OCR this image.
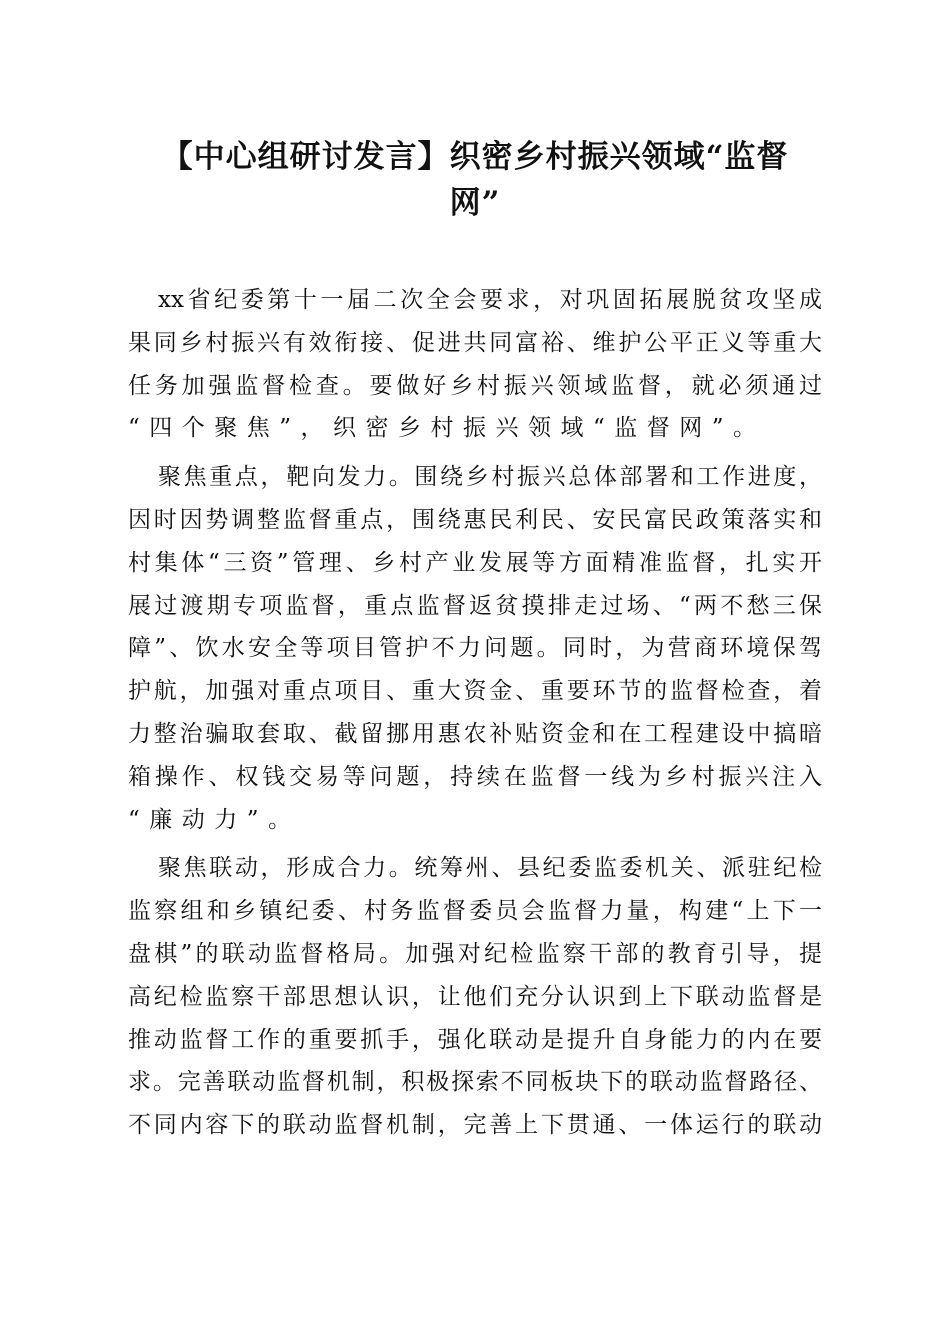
【中心组研讨发言】织密乡村振兴领域“监督
网”
xx省纪委第十一届二次全会要求，对巩固拓展脱贫攻坚成
果同乡村振兴有效衔接、促进共同富裕、维护公平正义等重大
任务加强监督检查。要做好乡村振兴领域监督，就必须通过
“四个聚焦”，织密乡村振兴领域“监督网”。
聚焦重点，靶向发力。围绕乡村振兴总体部署和工作进度，
因时因势调整监督重点，围绕惠民利民、安民富民政策落实和
村集体“三资”管理、乡村产业发展等方面精准监督，扎实开
展过渡期专项监督，重点监督返贫摸排走过场、“两不愁三保
障”、饮水安全等项目管护不力问题。同时，为营商环境保驾
护航，加强对重点项目、重大资金、重要环节的监督检查，着
力整治骗取套取、截留挪用惠农补贴资金和在工程建设中搞暗
箱操作、权钱交易等问题，持续在监督一线为乡村振兴注入
“廉动力”。
聚焦联动，形成合力。统筹州、县纪委监委机关、派驻纪检
监察组和乡镇纪委、村务监督委员会监督力量，构建“上下一
盘棋”的联动监督格局。加强对纪检监察干部的教育引导，提
高纪检监察干部思想认识，让他们充分认识到上下联动监督是
推动监督工作的重要抓手，强化联动是提升自身能力的内在要
求。完善联动监督机制，积极探索不同板块下的联动监督路径、
不同内容下的联动监督机制，完善上下贯通、一体运行的联动
